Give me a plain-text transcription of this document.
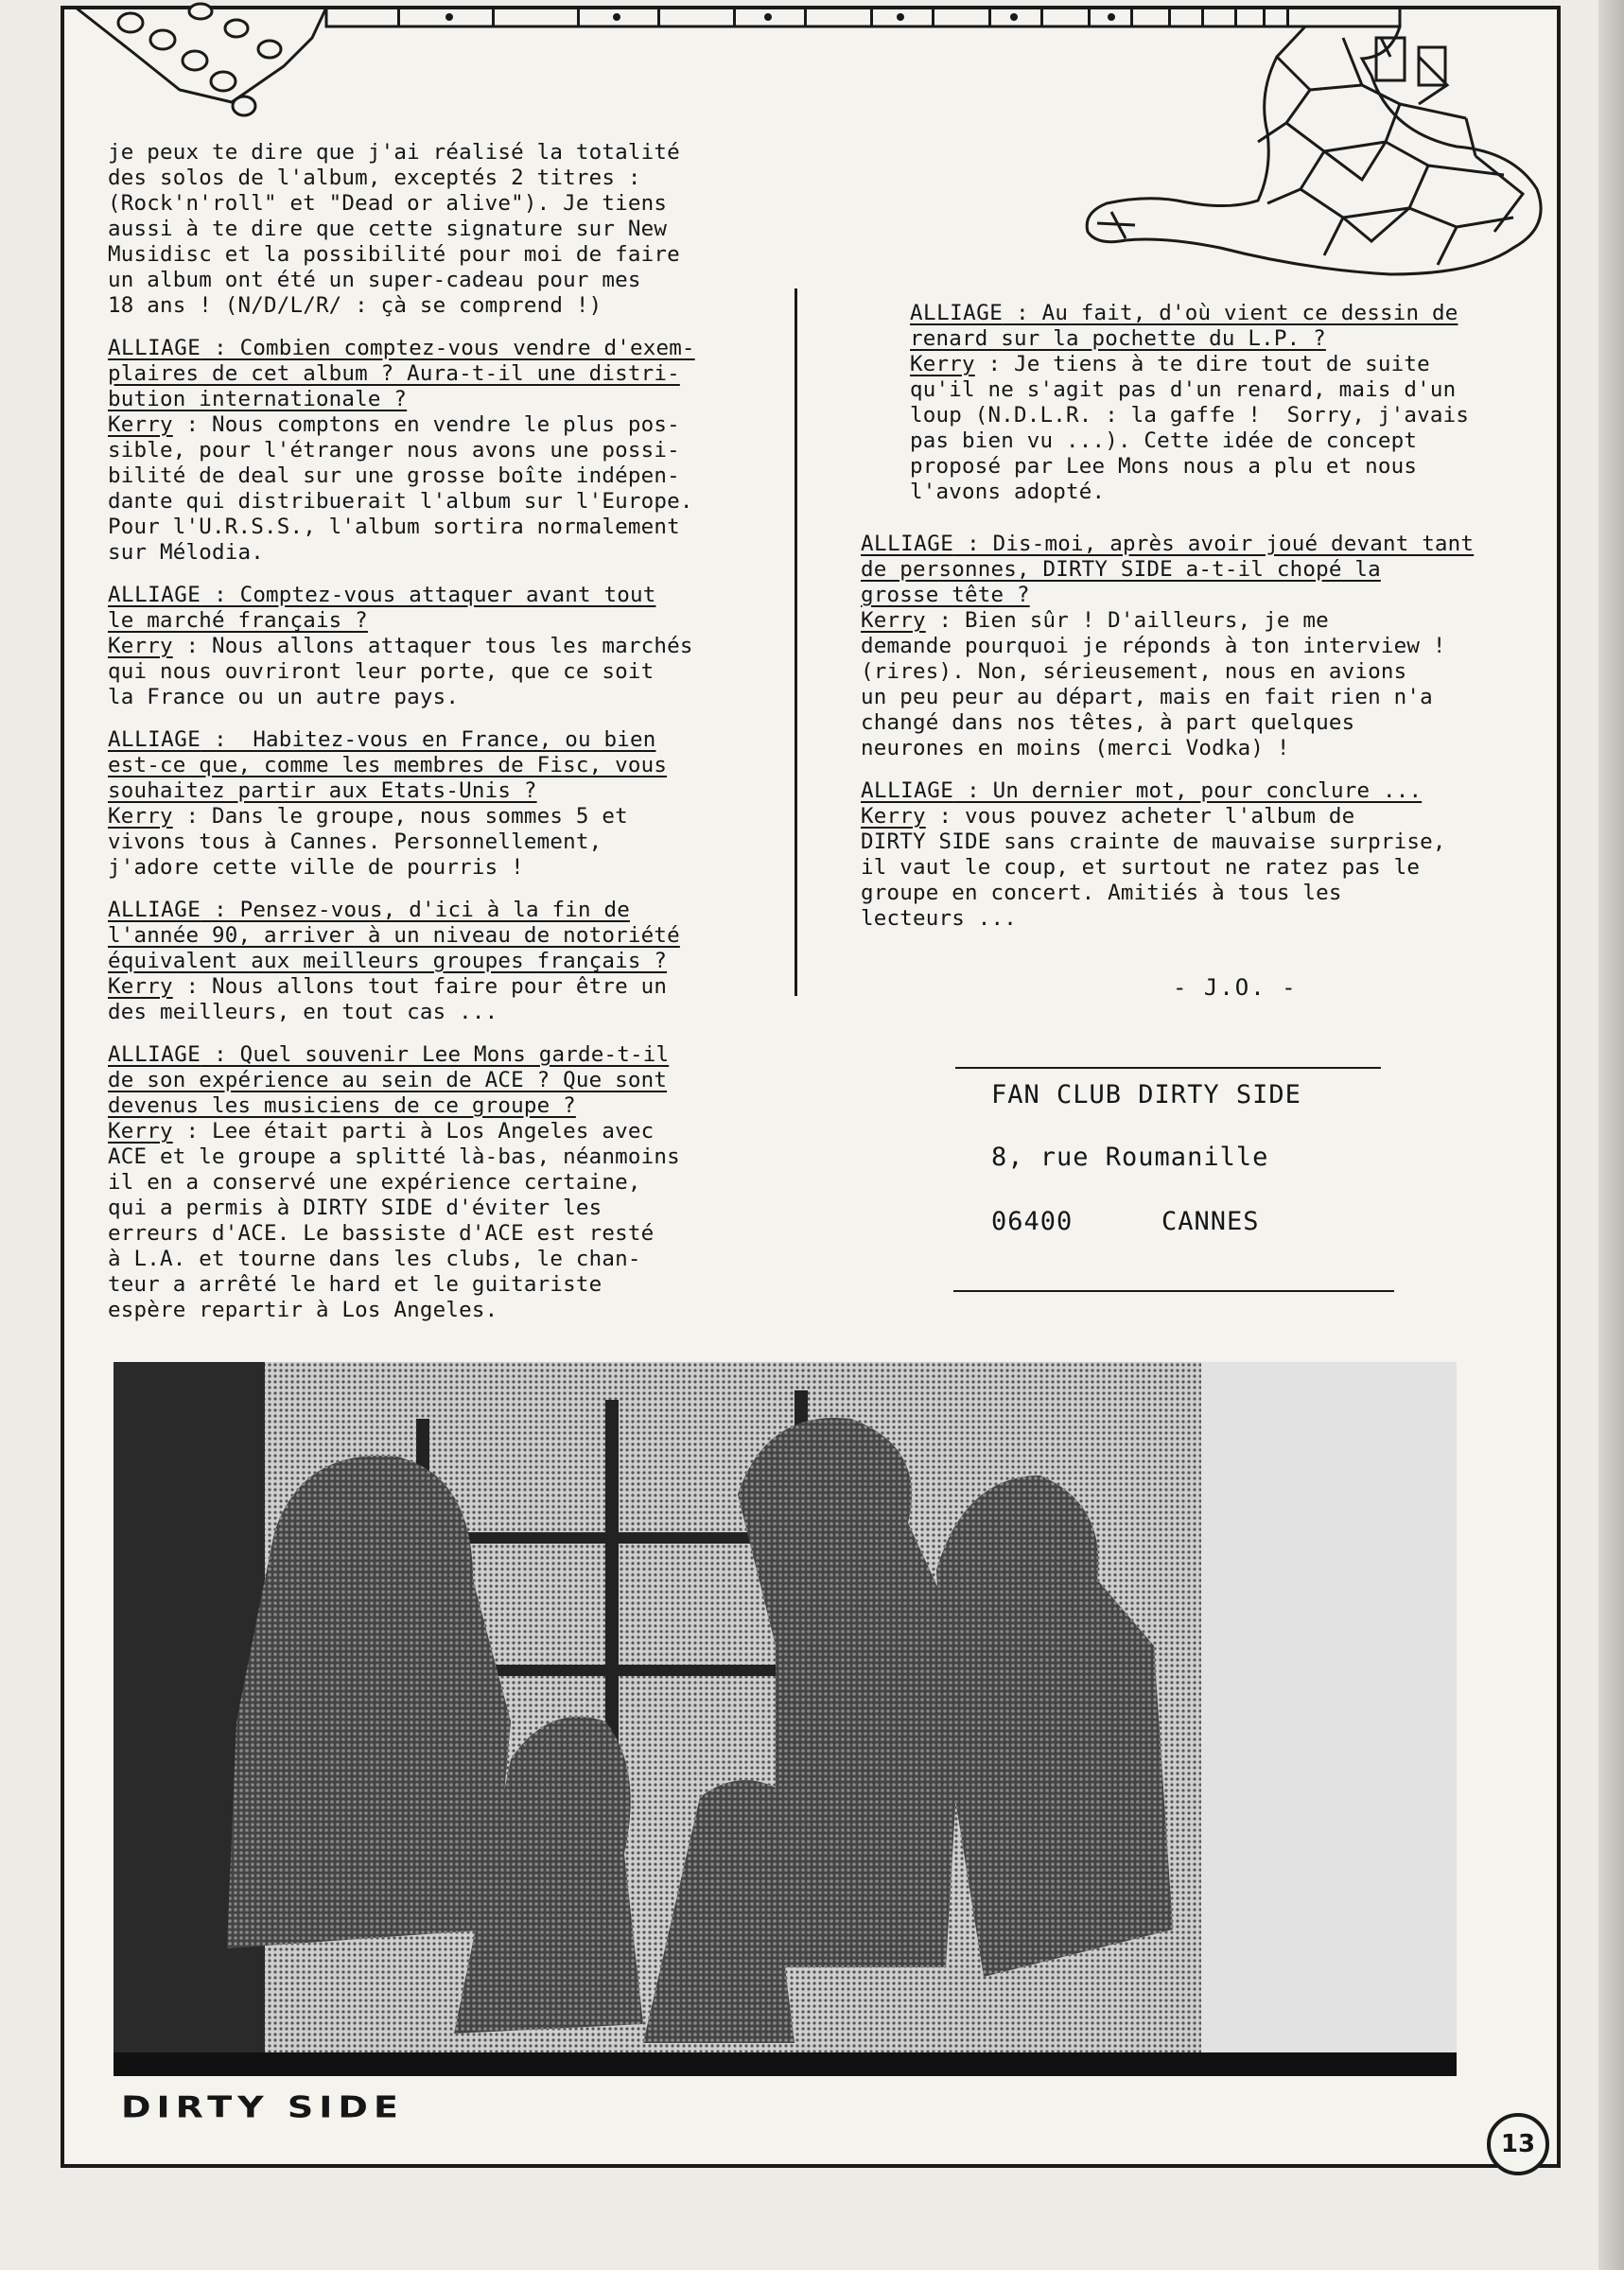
je peux te dire que j'ai réalisé la totalité
des solos de l'album, exceptés 2 titres :
(Rock'n'roll" et "Dead or alive"). Je tiens
aussi à te dire que cette signature sur New
Musidisc et la possibilité pour moi de faire
un album ont été un super-cadeau pour mes
18 ans ! (N/D/L/R/ : çà se comprend !)

ALLIAGE : Combien comptez-vous vendre d'exem-
plaires de cet album ? Aura-t-il une distri-
bution internationale ?
Kerry : Nous comptons en vendre le plus pos-
sible, pour l'étranger nous avons une possi-
bilité de deal sur une grosse boîte indépen-
dante qui distribuerait l'album sur l'Europe.
Pour l'U.R.S.S., l'album sortira normalement
sur Mélodia.

ALLIAGE : Comptez-vous attaquer avant tout
le marché français ?
Kerry : Nous allons attaquer tous les marchés
qui nous ouvriront leur porte, que ce soit
la France ou un autre pays.

ALLIAGE :  Habitez-vous en France, ou bien
est-ce que, comme les membres de Fisc, vous
souhaitez partir aux Etats-Unis ?
Kerry : Dans le groupe, nous sommes 5 et
vivons tous à Cannes. Personnellement,
j'adore cette ville de pourris !

ALLIAGE : Pensez-vous, d'ici à la fin de
l'année 90, arriver à un niveau de notoriété
équivalent aux meilleurs groupes français ?
Kerry : Nous allons tout faire pour être un
des meilleurs, en tout cas ...

ALLIAGE : Quel souvenir Lee Mons garde-t-il
de son expérience au sein de ACE ? Que sont
devenus les musiciens de ce groupe ?
Kerry : Lee était parti à Los Angeles avec
ACE et le groupe a splitté là-bas, néanmoins
il en a conservé une expérience certaine,
qui a permis à DIRTY SIDE d'éviter les
erreurs d'ACE. Le bassiste d'ACE est resté
à L.A. et tourne dans les clubs, le chan-
teur a arrêté le hard et le guitariste
espère repartir à Los Angeles.

ALLIAGE : Au fait, d'où vient ce dessin de
renard sur la pochette du L.P. ?
Kerry : Je tiens à te dire tout de suite
qu'il ne s'agit pas d'un renard, mais d'un
loup (N.D.L.R. : la gaffe !  Sorry, j'avais
pas bien vu ...). Cette idée de concept
proposé par Lee Mons nous a plu et nous
l'avons adopté.

ALLIAGE : Dis-moi, après avoir joué devant tant
de personnes, DIRTY SIDE a-t-il chopé la
grosse tête ?
Kerry : Bien sûr ! D'ailleurs, je me
demande pourquoi je réponds à ton interview !
(rires). Non, sérieusement, nous en avions
un peu peur au départ, mais en fait rien n'a
changé dans nos têtes, à part quelques
neurones en moins (merci Vodka) !

ALLIAGE : Un dernier mot, pour conclure ...
Kerry : vous pouvez acheter l'album de
DIRTY SIDE sans crainte de mauvaise surprise,
il vaut le coup, et surtout ne ratez pas le
groupe en concert. Amitiés à tous les
lecteurs ...

- J.O. -
FAN CLUB DIRTY SIDE
8, rue Roumanille
06400	CANNES
DIRTY SIDE
13
